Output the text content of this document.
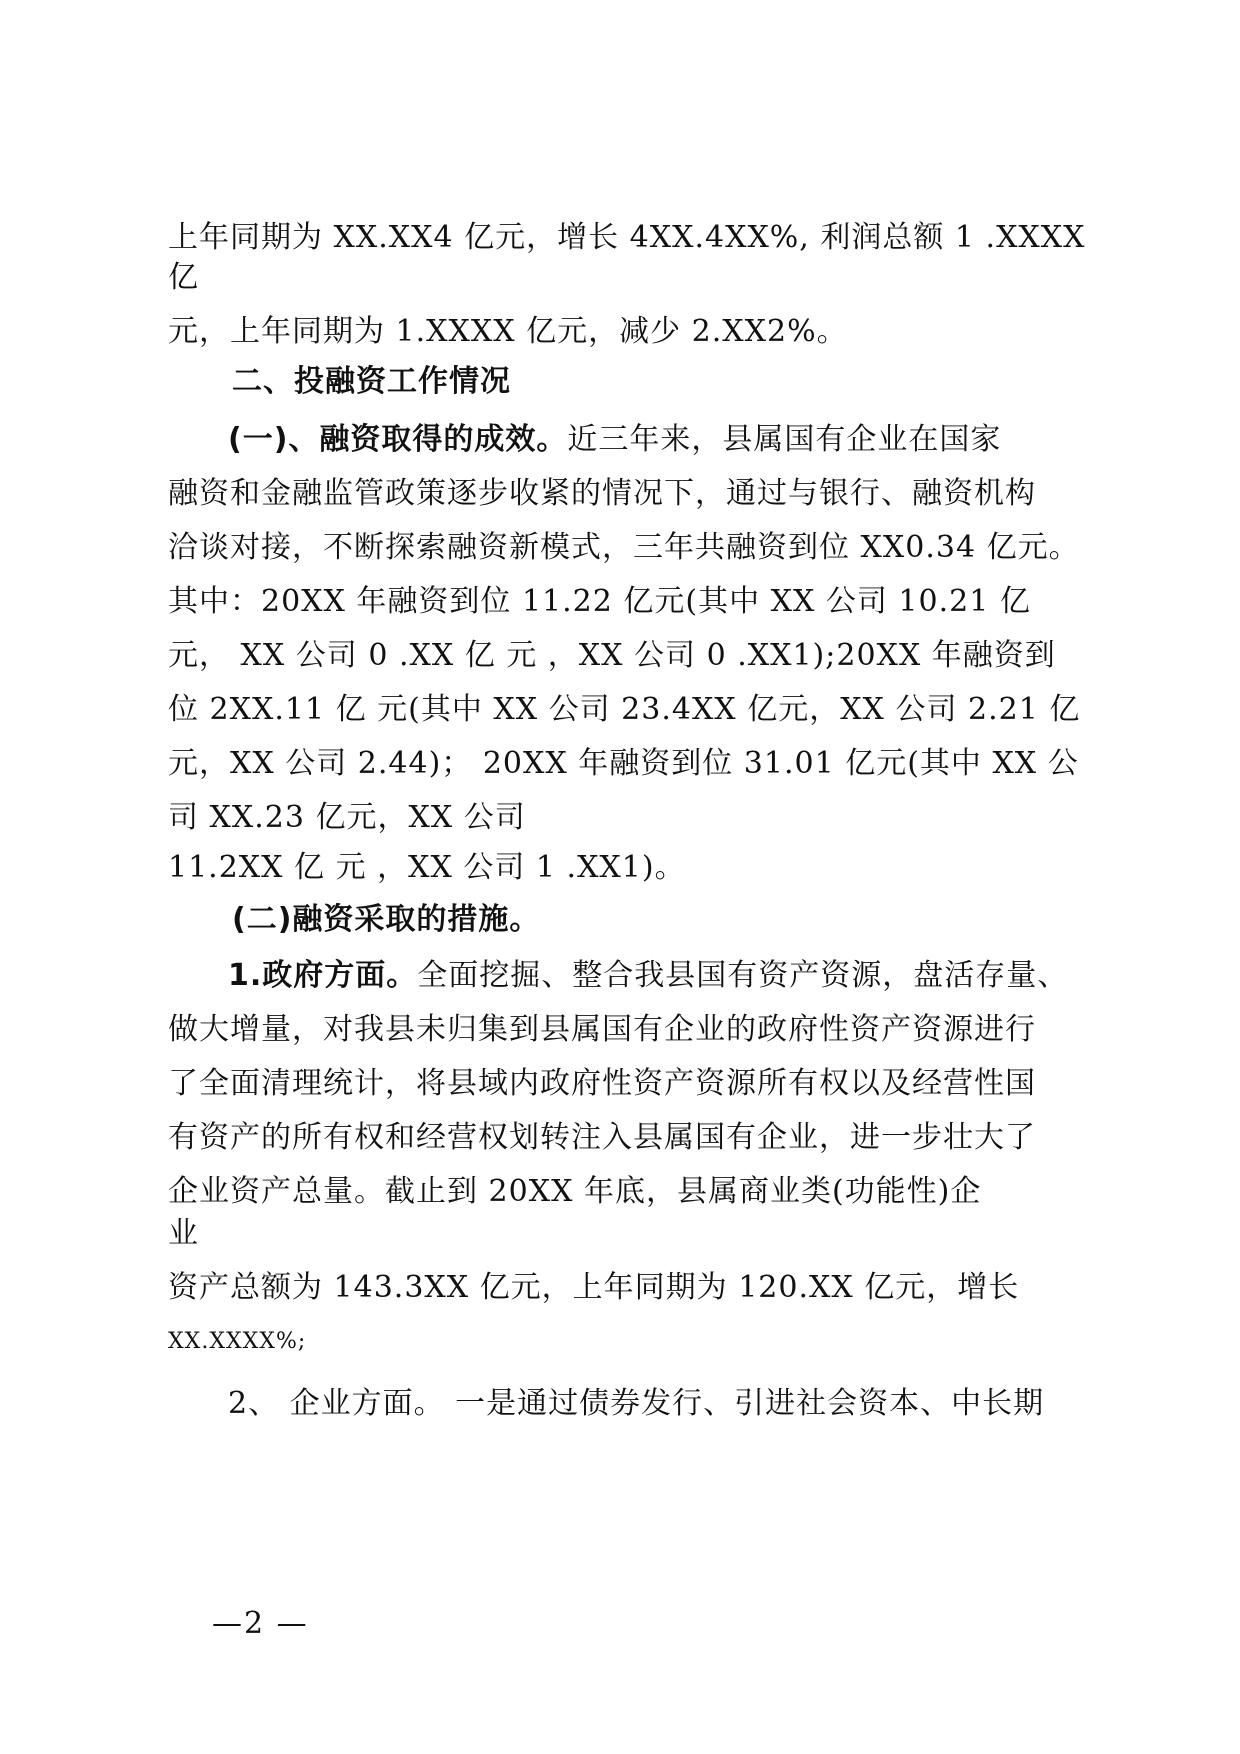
上年同期为 XX.XX4 亿元，增长 4XX.4XX%, 利润总额 1 .XXXX
亿
元，上年同期为 1.XXXX 亿元，减少 2.XX2%。
二、投融资工作情况
(一)、融资取得的成效。近三年来，县属国有企业在国家
融资和金融监管政策逐步收紧的情况下，通过与银行、融资机构
洽谈对接，不断探索融资新模式，三年共融资到位 XX0.34 亿元。
其中：20XX 年融资到位 11.22 亿元(其中 XX 公司 10.21 亿
元， XX 公司 0 .XX 亿 元 ，XX 公司 0 .XX1);20XX 年融资到
位 2XX.11 亿 元(其中 XX 公司 23.4XX 亿元，XX 公司 2.21 亿
元，XX 公司 2.44)； 20XX 年融资到位 31.01 亿元(其中 XX 公
司 XX.23 亿元，XX 公司
11.2XX 亿 元 ，XX 公司 1 .XX1)。
(二)融资采取的措施。
1.政府方面。全面挖掘、整合我县国有资产资源，盘活存量、
做大增量，对我县未归集到县属国有企业的政府性资产资源进行
了全面清理统计，将县域内政府性资产资源所有权以及经营性国
有资产的所有权和经营权划转注入县属国有企业，进一步壮大了
企业资产总量。截止到 20XX 年底，县属商业类(功能性)企
业
资产总额为 143.3XX 亿元，上年同期为 120.XX 亿元，增长
XX.XXXX%;
2、 企业方面。 一是通过债券发行、引进社会资本、中长期
—2 —
